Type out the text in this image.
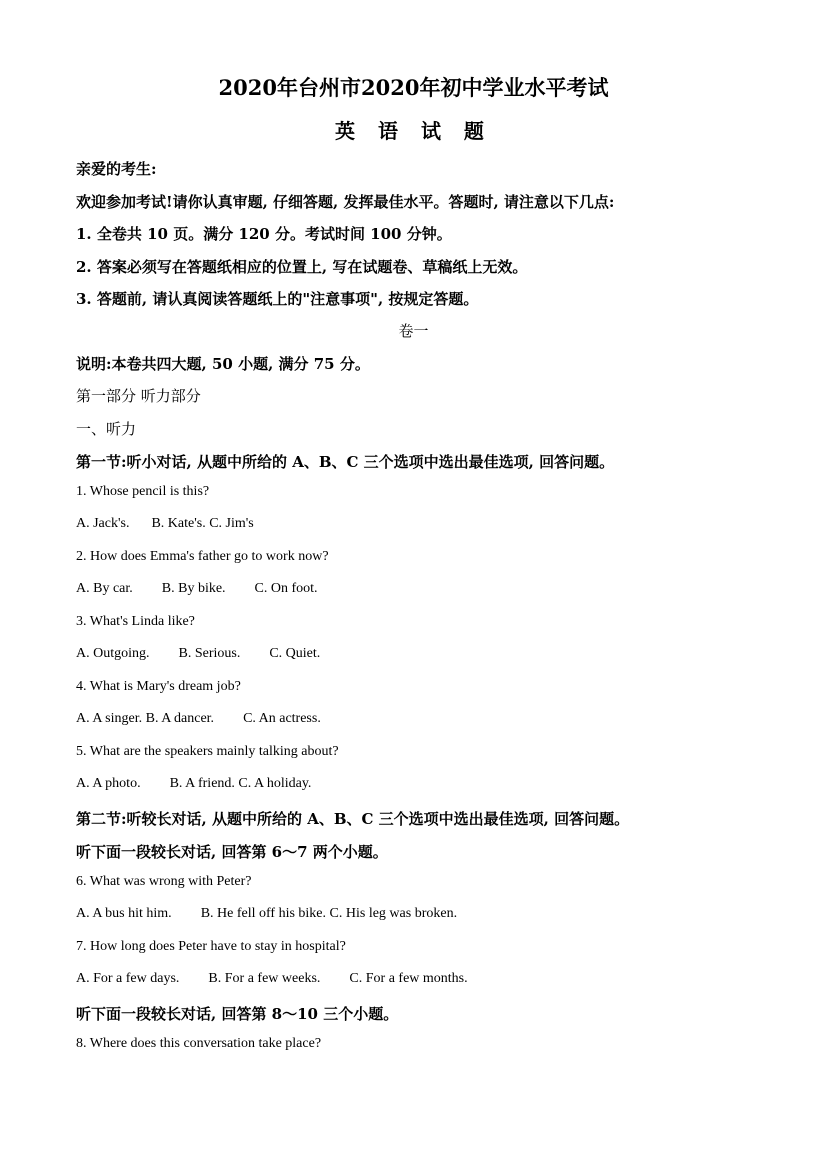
2020年台州市2020年初中学业水平考试
英 语 试 题
亲爱的考生:
欢迎参加考试!请你认真审题, 仔细答题, 发挥最佳水平。答题时, 请注意以下几点:
1. 全卷共 10 页。满分 120 分。考试时间 100 分钟。
2. 答案必须写在答题纸相应的位置上, 写在试题卷、草稿纸上无效。
3. 答题前, 请认真阅读答题纸上的"注意事项", 按规定答题。
卷一
说明:本卷共四大题, 50 小题, 满分 75 分。
第一部分 听力部分
一、听力
第一节:听小对话, 从题中所给的 A、B、C 三个选项中选出最佳选项, 回答问题。
1. Whose pencil is this?
A. Jack's. B. Kate's. C. Jim's
2. How does Emma's father go to work now?
A. By car. B. By bike. C. On foot.
3. What's Linda like?
A. Outgoing. B. Serious. C. Quiet.
4. What is Mary's dream job?
A. A singer. B. A dancer. C. An actress.
5. What are the speakers mainly talking about?
A. A photo. B. A friend. C. A holiday.
第二节:听较长对话, 从题中所给的 A、B、C 三个选项中选出最佳选项, 回答问题。
听下面一段较长对话, 回答第 6～7 两个小题。
6. What was wrong with Peter?
A. A bus hit him. B. He fell off his bike. C. His leg was broken.
7. How long does Peter have to stay in hospital?
A. For a few days. B. For a few weeks. C. For a few months.
听下面一段较长对话, 回答第 8～10 三个小题。
8. Where does this conversation take place?
